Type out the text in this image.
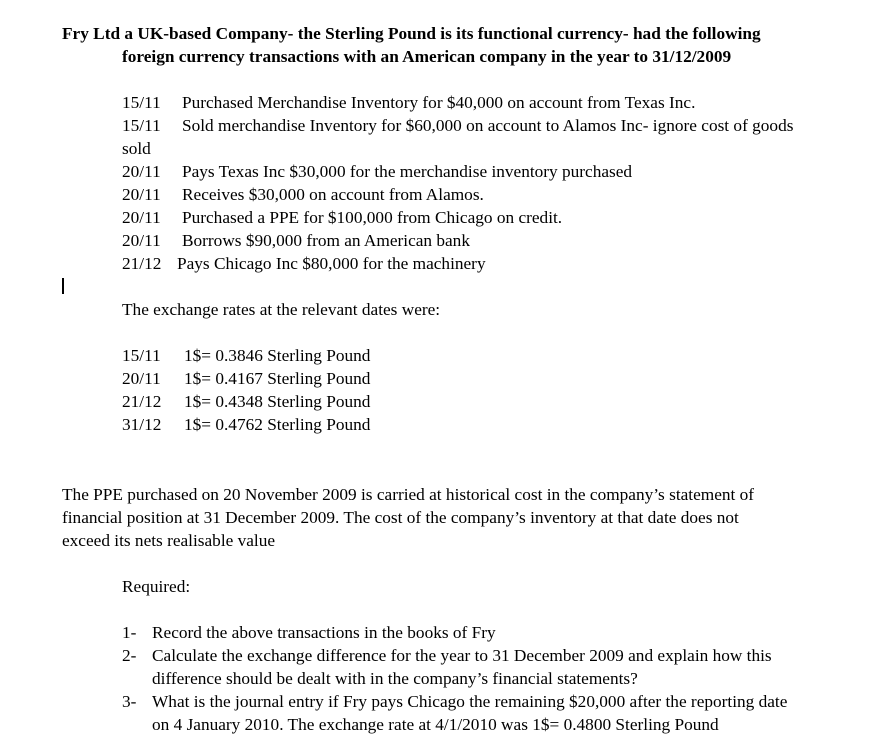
Fry Ltd a UK-based Company- the Sterling Pound is its functional currency- had the following
foreign currency transactions with an American company in the year to 31/12/2009
15/11 Purchased Merchandise Inventory for $40,000 on account from Texas Inc.
15/11 Sold merchandise Inventory for $60,000 on account to Alamos Inc- ignore cost of goods
sold
20/11 Pays Texas Inc $30,000 for the merchandise inventory purchased
20/11 Receives $30,000 on account from Alamos.
20/11 Purchased a PPE for $100,000 from Chicago on credit.
20/11 Borrows $90,000 from an American bank
21/12 Pays Chicago Inc $80,000 for the machinery
The exchange rates at the relevant dates were:
15/11 1$= 0.3846 Sterling Pound
20/11 1$= 0.4167 Sterling Pound
21/12 1$= 0.4348 Sterling Pound
31/12 1$= 0.4762 Sterling Pound
The PPE purchased on 20 November 2009 is carried at historical cost in the company’s statement of
financial position at 31 December 2009. The cost of the company’s inventory at that date does not
exceed its nets realisable value
Required:
1- Record the above transactions in the books of Fry
2- Calculate the exchange difference for the year to 31 December 2009 and explain how this
difference should be dealt with in the company’s financial statements?
3- What is the journal entry if Fry pays Chicago the remaining $20,000 after the reporting date
on 4 January 2010. The exchange rate at 4/1/2010 was 1$= 0.4800 Sterling Pound
